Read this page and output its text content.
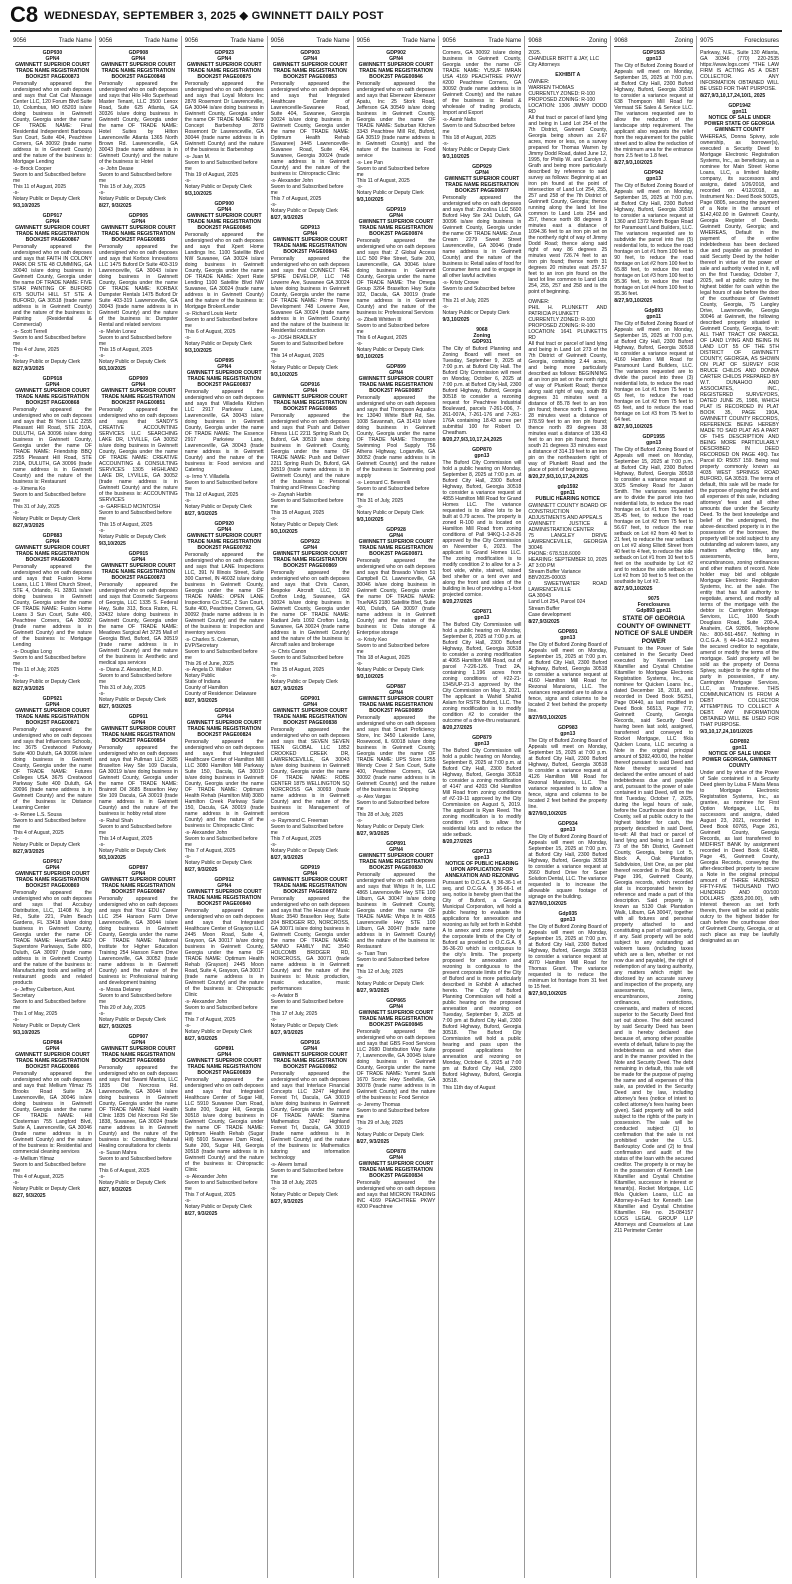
C8 WEDNESDAY, SEPTEMBER 3, 2025 ◆ GWINNETT DAILY POST
9056	Trade Name
GDP930
GPN4
GWINNETT SUPERIOR COURT TRADE NAME REGISTRATION BOOK25T PAGE00873
Personally appeared the undersigned who on oath deposes and says that Cat Cat Massage Center LLC, 120 Forum Blvd Suite 10, Columbus, MO 65203 is/are doing business in Gwinnett County, Georgia under the name OF TRADE NAME: Final Residential Independent Barboura Sun Court, Suite 404, Peachtree Corners, GA 30092 (trade name address is in Gwinnett County) and the nature of the business is: Mortgage Lending
-s- Brock Cooper
Sworn to and Subscribed before me
This 11 of August, 2025
-s-
Notary Public or Deputy Clerk
9/3,10/2025
GDP917
GPN4
GWINNETT SUPERIOR COURT TRADE NAME REGISTRATION BOOK25T PAGE00867
Personally appeared the undersigned who on oath deposes and says that FAITH IN COLONY PARK DR STE 48 CUMMING, GA 30040 is/are doing business in Gwinnett County, Georgia under the name OF TRADE NAME: FIVE STAR PAINTING OF BUFORD 675 SOUTH HILL ST STE A BUFORD, GA 30518 (trade name address is in Gwinnett County) and the nature of the business is: Painting (Residential & Commercial)
-s- Scott Terrell
Sworn to and Subscribed before me
This 4 of June, 2025
-s-
Notary Public or Deputy Clerk
8/27,9/3/2025
GDP918
GPN4
GWINNETT SUPERIOR COURT TRADE NAME REGISTRATION BOOK25T PAGE00868
Personally appeared the undersigned who on oath deposes and says that: Bi Yeon LLC 2255 Pleasant Hill Road, STE 210A, DULUTH, GA 30096 is/are doing business in Gwinnett County, Georgia under the name OF TRADE NAME: Friendship BBQ 2255 Pleasant Hill Road, STE 210A, DULUTH, GA 30096 (trade name address is in Gwinnett County) and the nature of the business is: Restaurant
-s- Ximena Ko
Sworn to and Subscribed before me
This 31 of July, 2025
-s-
Notary Public or Deputy Clerk
8/27,9/3/2025
GDP883
GPN4
GWINNETT SUPERIOR COURT TRADE NAME REGISTRATION BOOK25T PAGE00870
Personally appeared the undersigned who on oath deposes and says that: Fusion Home Loans, LLC 1 West Church Street, STE 4, Orlando, FL 32801 is/are doing business in Gwinnett County, Georgia under the name OF TRADE NAME: Fusion Home Loans 3 Sun Court, Suite 400, Peachtree Corners, GA 30092 (trade name address is in Gwinnett County) and the nature of the business is: Mortgage Lending
-s- Douglas Long
Sworn to and Subscribed before me
This 11 of July, 2025
-s-
Notary Public or Deputy Clerk
8/27,9/3/2025
GDP921
GPN4
GWINNETT SUPERIOR COURT TRADE NAME REGISTRATION BOOK25T PAGE00871
Personally appeared the undersigned who on oath deposes and says that Influencers Schools, Inc 3675 Crestwood Parkway Suite 400 Duluth, GA 30096 is/are doing business in Gwinnett County, Georgia under the name OF TRADE NAME: Futures Colleges USA 3675 Crestwood Parkway Suite 400 Duluth, GA 30096 (trade name address is in Gwinnett County) and the nature of the business is: Distance Learning Center
-s- Renee L.S. Sousa
Sworn to and Subscribed before me
This 4 of August, 2025
-s-
Notary Public or Deputy Clerk
8/27,9/3/2025
GDP917
GPN4
GWINNETT SUPERIOR COURT TRADE NAME REGISTRATION BOOK25T PAGE00869
Personally appeared the undersigned who on oath deposes and says that Accubuy Distribution, LLC, 11408 N. Jog Rd., Suite 221, Palm Beach Gardens, FL 33418 is/are doing business in Gwinnett County, Georgia under the name OF TRADE NAME: HeartSafe AED Superstore Parkways, Suite 800, Duluth, GA 30097 (trade name address is in Gwinnett County) and the nature of the business is: Manufacturing tools and selling of restaurant goods and related products
-s- Jeffrey Culbertson, Asst. Secretary
Sworn to and Subscribed before me
This 1 of May, 2025
-s-
Notary Public or Deputy Clerk
9/3,10/2025
GDP884
GPN4
GWINNETT SUPERIOR COURT TRADE NAME REGISTRATION BOOK25T PAGE00866
Personally appeared the undersigned who on oath deposes and says that: Mellium Yilmaz 75 Brooks Road Suite 2A Lawrenceville, GA 30046 is/are doing business in Gwinnett County, Georgia under the name OF TRADE NAME: Hill Closterman 755 Langford Blvd, Suite A, Lawrenceville, GA 30046 (trade name address is in Gwinnett County) and the nature of the business is: Residential and commercial cleaning services
-s- Mellium Yilmaz
Sworn to and Subscribed before me
This 4 of August, 2025
-s-
Notary Public or Deputy Clerk
8/27, 9/3/2025
9056	Trade Name
GDP908
GPN4
GWINNETT SUPERIOR COURT TRADE NAME REGISTRATION BOOK25T PAGE00848
Personally appeared the undersigned who on oath deposes and says that Hilo Hilo Superhead Master Tenant, LLC 3500 Lenox Road, Suite 625 Atlanta, GA 30326 is/are doing business in Gwinnett County, Georgia under the name OF TRADE NAME: Hotel Suites by Hilton Lawrenceville Atlanta 1365 North Brown Rd. Lawrenceville, GA 30043 (trade name address is in Gwinnett County) and the nature of the business is: Hotel
-s- John Dease
Sworn to and Subscribed before me
This 15 of July, 2025
-s-
Notary Public or Deputy Clerk
8/27, 9/3/2025
GDP905
GPN4
GWINNETT SUPERIOR COURT TRADE NAME REGISTRATION BOOK25T PAGE00855
Personally appeared the undersigned who on oath deposes and says that Korbox Innovations LLC 1475 Buford Dr Suite 403-319 Lawrenceville, GA 30043 is/are doing business in Gwinnett County, Georgia under the name OF TRADE NAME: KORBAX Dumpster Rentals 1475 Buford Dr Suite 403-319 Lawrenceville, GA 30043 (trade name address is in Gwinnett County) and the nature of the business is: Dumpster Rental and related services
-s- Melvin Lonez
Sworn to and Subscribed before me
This 15 of August, 2025
-s-
Notary Public or Deputy Clerk
9/3,10/2025
GDP909
GPN4
GWINNETT SUPERIOR COURT TRADE NAME REGISTRATION BOOK25T PAGE00851
Personally appeared the undersigned who on oath deposes and says that SANDY'S CREATIVE ACCOUNTING SERVICES LLC SEARCHING LAKE DR, LYVILLE, GA 30052 is/are doing business in Gwinnett County, Georgia under the name OF TRADE NAME: CREATIVE ACCOUNTING & CONSULTING SERVICES 1305 HIGHLAND LAKE DR, LYVILLE, GA 30052 (trade name address is in Gwinnett County) and the nature of the business is: ACCOUNTING SERVICES
-s- GARFIELD MCINTOSH
Sworn to and Subscribed before me
This 15 of August, 2025
-s-
Notary Public or Deputy Clerk
9/3,10/2025
GDP915
GPN4
GWINNETT SUPERIOR COURT TRADE NAME REGISTRATION BOOK25T PAGE00873
Personally appeared the undersigned who on oath deposes and says that Cosmetic Surgeons of Georgia, LLC 1335 S. Federal Hwy, Suite 313, Boca Raton, FL 33432 is/are doing business in Gwinnett County, Georgia under the name OF TRADE NAME: Meadows Surgical Art 3725 Mall of Georgia Blvd, Buford, GA 30519 (trade name address is in Gwinnett County) and the nature of the business is: Aesthetic and medical spa services
-s- Diana Z. Alexander, M.D.
Sworn to and Subscribed before me
This 31 of July, 2025
-s-
Notary Public or Deputy Clerk
8/27, 9/3/2025
GDP911
GPN4
GWINNETT SUPERIOR COURT TRADE NAME REGISTRATION BOOK25T PAGE00854
Personally appeared the undersigned who on oath deposes and says that Pullman LLC 3685 Braselton Hwy Ste 109 Dacula, GA 30019 is/are doing business in Gwinnett County, Georgia under the name OF TRADE NAME: Brainrot Oil 3685 Braselton Hwy Ste 109 Dacula, GA 30019 (trade name address is in Gwinnett County) and the nature of the business is: hobby retail store
-s- Rahul Shah
Sworn to and Subscribed before me
This 14 of August, 2025
-s-
Notary Public or Deputy Clerk
9/3,10/2025
GDP897
GPN4
GWINNETT SUPERIOR COURT TRADE NAME REGISTRATION BOOK25T PAGE00867
Personally appeared the undersigned who on oath deposes and says that Your EDU Career LLC 254 Hanson Farm Drive Lawrenceville, GA 30044 is/are doing business in Gwinnett County, Georgia under the name OF TRADE NAME: National Institute for Higher Education Training 254 Hanson Farm Drive Lawrenceville, GA 30052 (trade name address is in Gwinnett County) and the nature of the business is: Professional training and development training
-s- Mossa Delaney
Sworn to and Subscribed before me
This 20 of July, 2025
-s-
Notary Public or Deputy Clerk
8/27, 9/3/2025
GDP907
GPN4
GWINNETT SUPERIOR COURT TRADE NAME REGISTRATION BOOK25T PAGE00850
Personally appeared the undersigned who on oath deposes and says that Swami Mantra, LLC 1835 Old Norcross Rd. Lawrenceville, GA 30044 is/are doing business in Gwinnett County, Georgia under the name OF TRADE NAME: Nabil Health Clinic 1835 Old Norcross Rd Ste 1838, Suwanee, GA 30024 (trade name address is in Gwinnett County) and the nature of the business is: Consulting: Natural Healing consultations for clients
-s- Susan Mahra
Sworn to and Subscribed before me
This 6 of August, 2025
-s-
Notary Public or Deputy Clerk
8/27, 9/3/2025
9056	Trade Name
GDP923
GPN4
GWINNETT SUPERIOR COURT TRADE NAME REGISTRATION BOOK25T PAGE00875
Personally appeared the undersigned who on oath deposes and says that Loyal Motors Inc 2878 Rosemont Dr Lawrenceville, GA 30044 is/are doing business in Gwinnett County, Georgia under the name OF TRADE NAME: New Concept Barbershop 2878 Rosemont Dr Lawrenceville, GA 30044 (trade name address is in Gwinnett County) and the nature of the business is: Barbershop
-s- Juan M.
Sworn to and Subscribed before me
This 19 of August, 2025
-s-
Notary Public or Deputy Clerk
9/3,10/2025
GDP900
GPN4
GWINNETT SUPERIOR COURT TRADE NAME REGISTRATION BOOK25T PAGE00845
Personally appeared the undersigned who on oath deposes and says that Xpert Home Landings Inc. 1100 Satellite Blvd NW Suwanee, GA 30024 is/are doing business in Gwinnett County, Georgia under the name OF TRADE NAME: Xpert Rate Lending 1100 Satellite Blvd NW Suwanee, GA 30024 (trade name address is in Gwinnett County) and the nature of the business is: Mortgage Broker/Lender
-s- Richard Louis Hertz
Sworn to and Subscribed before me
This 6 of August, 2025
-s-
Notary Public or Deputy Clerk
9/3,10/2025
GDP895
GPN4
GWINNETT SUPERIOR COURT TRADE NAME REGISTRATION BOOK25T PAGE00837
Personally appeared the undersigned who on oath deposes and says that Villadella Kitchen LLC 2917 Parkview Lane, Lawrenceville, GA 30043 is/are doing business in Gwinnett County, Georgia under the name OF TRADE NAME: The Essence 2917 Parkview Lane, Lawrenceville, GA 30043 (trade name address is in Gwinnett County) and the nature of the business is: Food services and Catering
-s- Irmo Y. Villadella
Sworn to and Subscribed before me
This 12 of August, 2025
-s-
Notary Public or Deputy Clerk
8/27, 9/3/2025
GDP920
GPN4
GWINNETT SUPERIOR COURT TRADE NAME REGISTRATION BOOK25T PAGE00792
Personally appeared the undersigned who on oath deposes and says that LANE Inspections LLC, 391 N Illinois Street, Suite 300 Carmel, IN 46032 is/are doing business in Gwinnett County, Georgia under the name OF TRADE NAME: OPEN LANE Inspections Co CSC, 2 Sun Court, Suite 400, Peachtree Corners, GA 30092 (trade name address is in Gwinnett County) and the nature of the business is: Inspection and inventory services
-s- Charles S. Coleman, EVP/Secretary
Sworn to and Subscribed before me
This 26 of June, 2025
-s- Angela D. Walker
Notary Public
State of Indiana
County of Hamilton
County of Residence: Delaware
8/27, 9/3/2025
GDP914
GPN4
GWINNETT SUPERIOR COURT TRADE NAME REGISTRATION BOOK25T PAGE00824
Personally appeared the undersigned who on oath deposes and says that Integrated Healthcare Center of Hamilton Mill LLC 3080 Hamilton Mill Parkway Suite 150, Dacula, GA 30019 is/are doing business in Gwinnett County, Georgia under the name OF TRADE NAME: Optimum Health Rehab (Hamilton Mill) 3080 Hamilton Creek Parkway Suite 150, Dacula, GA 30019 (trade name address is in Gwinnett County) and the nature of the business is: Chiropractic Clinic
-s- Alexander John
Sworn to and Subscribed before me
This 7 of August, 2025
-s-
Notary Public or Deputy Clerk
8/27, 9/3/2025
GDP912
GPN4
GWINNETT SUPERIOR COURT TRADE NAME REGISTRATION BOOK25T PAGE00840
Personally appeared the undersigned who on oath deposes and says that Integrated Healthcare Center of Grayson LLC 2445 Moon Road, Suite 4, Grayson, GA 30017 is/are doing business in Gwinnett County, Georgia under the name OF TRADE NAME: Optimum Health Rehab (Grayson) 2445 Moon Road, Suite 4, Grayson, GA 30017 (trade name address is in Gwinnett County) and the nature of the business is: Chiropractic Clinic
-s- Alexander John
Sworn to and Subscribed before me
This 7 of August, 2025
-s-
Notary Public or Deputy Clerk
8/27, 9/3/2025
GDP891
GPN4
GWINNETT SUPERIOR COURT TRADE NAME REGISTRATION BOOK25T PAGE00839
Personally appeared the undersigned who on oath deposes and says that Integrated Healthcare Center of Sugar Hill, LLC 5910 Suwanee Dam Road, Suite 200, Sugar Hill, Georgia 30518 is/are doing business in Gwinnett County, Georgia under the name OF TRADE NAME: Optimum Health Rehab (Sugar Hill) 5910 Suwanee Dam Road, Suite 200, Sugar Hill, Georgia 30518 (trade name address is in Gwinnett County) and the nature of the business is: Chiropractic Clinic
-s- Alexander John
Sworn to and Subscribed before me
This 7 of August, 2025
-s-
Notary Public or Deputy Clerk
8/27, 9/3/2025
9056	Trade Name
GDP903
GPN4
GWINNETT SUPERIOR COURT TRADE NAME REGISTRATION BOOK25T PAGE00853
Personally appeared the undersigned who on oath deposes and says that Integrated Healthcare Center of Lawrenceville-Suwanee Road, Suite 404, Suwanee, Georgia 30024 is/are doing business in Gwinnett County, Georgia under the name OF TRADE NAME: Optimum Health Rehab (Suwanee) 3445 Lawrenceville-Suwanee Road, Suite 404, Suwanee, Georgia 30024 (trade name address is in Gwinnett County) and the nature of the business is: Chiropractic Clinic
-s- Alexander John
Sworn to and Subscribed before me
This 7 of August, 2025
-s-
Notary Public or Deputy Clerk
8/27, 9/3/2025
GDP913
GPN4
GWINNETT SUPERIOR COURT TRADE NAME REGISTRATION BOOK25T PAGE00843
Personally appeared the undersigned who on oath deposes and says that CONNECT THE SPIRE DEVELOP, LLC 748 Lowerre Ave, Suwanee GA 30024 is/are doing business in Gwinnett County, Georgia under the name OF TRADE NAME: Prime Three Development 748 Lowerre Ave, Suwanee GA 30024 (trade name address is in Gwinnett County) and the nature of the business is: Residential construction
-s- JOSH BRADLEY
Sworn to and Subscribed before me
This 14 of August, 2025
-s-
Notary Public or Deputy Clerk
9/3,10/2025
GDP916
GPN4
GWINNETT SUPERIOR COURT TRADE NAME REGISTRATION BOOK25T PAGE00865
Personally appeared the undersigned who on oath deposes and says that Push and Deliver Fitness LLC 2211 Spring Rush Dr, Buford, GA 30519 is/are doing business in Gwinnett County, Georgia under the name OF TRADE NAME: Push and Deliver 2211 Spring Rush Dr, Buford, GA 30519 (trade name address is in Gwinnett County) and the nature of the business is: Personal Training and Fitness Coaching
-s- Zaynah Harbin
Sworn to and Subscribed before me
This 15 of August, 2025
-s-
Notary Public or Deputy Clerk
9/3,10/2025
GDP922
GPN4
GWINNETT SUPERIOR COURT TRADE NAME REGISTRATION BOOK25T PAGE00869
Personally appeared the undersigned who on oath deposes and says that Chris Canon, Bespoke Aircraft LLC, 1092 Crofton Lndg, Suwanee, GA 30024 is/are doing business in Gwinnett County, Georgia under the name OF TRADE NAME: Radiant Jets 1092 Crofton Lndg, Suwanee, GA 30024 (trade name address is in Gwinnett County) and the nature of the business is: Aircraft sales and brokerage
-s- Chris Canon
Sworn to and Subscribed before me
This 15 of August, 2025
-s-
Notary Public or Deputy Clerk
8/27, 9/3/2025
GDP901
GPN4
GWINNETT SUPERIOR COURT TRADE NAME REGISTRATION BOOK25T PAGE00838
Personally appeared the undersigned who on oath deposes and says that SEVEN SEVEN TEEN GLOBAL LLC 1852 CROOKED CREEK DR, LAWRENCEVILLE, GA 30043 is/are doing business in Gwinnett County, Georgia under the name OF TRADE NAME: ROBE CENTER 1875 WELLINGTON SQ NORCROSS GA 30093 (trade name address is in Gwinnett County) and the nature of the business is: Management of services
-s- Raymond C. Freeman
Sworn to and Subscribed before me
This 7 of August, 2025
-s-
Notary Public or Deputy Clerk
8/27, 9/3/2025
GDP919
GPN4
GWINNETT SUPERIOR COURT TRADE NAME REGISTRATION BOOK25T PAGE00872
Personally appeared the undersigned who on oath deposes and says that The House of Music Music 3540 Braselton Hwy, Suite 204 BRIDGER RD, NORCROSS, GA 30071 is/are doing business in Gwinnett County, Georgia under the name OF TRADE NAME: SANNO FAMILY INC 3540 HOLCOMB BRIDGER RD, NORCROSS, GA 30071 (trade name address is in Gwinnett County) and the nature of the business is: Music production, music education, music performances
-s- Aviator B
Sworn to and Subscribed before me
This 17 of July, 2025
-s-
Notary Public or Deputy Clerk
8/27, 9/3/2025
GDP916
GPN4
GWINNETT SUPERIOR COURT TRADE NAME REGISTRATION BOOK25T PAGE00862
Personally appeared the undersigned who on oath deposes and says that Interlace Financial Concepts LLC 3247 Highland Forrest Trl, Dacula, GA 30019 is/are doing business in Gwinnett County, Georgia under the name OF TRADE NAME: Stamina Mathematics 3247 Highland Forrest Trl, Dacula, GA 30019 (trade name address is in Gwinnett County) and the nature of the business is: Mathematics tutoring and information technology
-s- Aleem Ismail
Sworn to and Subscribed before me
This 18 of July, 2025
-s-
Notary Public or Deputy Clerk
8/27, 9/3/2025
9056	Trade Name
GDP902
GPN4
GWINNETT SUPERIOR COURT TRADE NAME REGISTRATION BOOK25T PAGE00846
Personally appeared the undersigned who on oath deposes and says that Ebenezer Ebenezer Apatu, Inc 25 Stork Road, Jefferson GA 30549 is/are doing business in Gwinnett County, Georgia under the name OF TRADE NAME: Suburban Kitchen 3343 Peachtree Mill Rd, Buford, GA 30519 (trade name address is in Gwinnett County) and the nature of the business is: Food service
-s- Lee Pan
Sworn to and Subscribed before me
This 11 of August, 2025
-s-
Notary Public or Deputy Clerk
9/3,10/2025
GDP919
GPN4
GWINNETT SUPERIOR COURT TRADE NAME REGISTRATION BOOK25T PAGE00874
Personally appeared the undersigned who on oath deposes and says that: Z Global Access LLC 500 Pike Street, Suite 200, Lawrenceville, GA 30046 is/are doing business in Gwinnett County, Georgia under the name OF TRADE NAME: The Omega Group 3264 Braselton Hwy Suite 102, Dacula, GA 30019 (trade name address is in Gwinnett County) and the nature of the business is: Professional Services
-s- Zibelli Whitten III
Sworn to and Subscribed before me
This 6 of August, 2025
-s-
Notary Public or Deputy Clerk
9/3,10/2025
GDP899
GPN4
GWINNETT SUPERIOR COURT TRADE NAME REGISTRATION BOOK25T PAGE00857
Personally appeared the undersigned who on oath deposes and says that Thompson Aquatics Inc 13040 White Bluff Rd, Ste. 1008 Savannah, GA 31419 is/are doing business in Gwinnett County, Georgia under the name OF TRADE NAME: Thompson Swimming Pool Supply 756 Athens Highway, Loganville, GA 30052 (trade name address is in Gwinnett County) and the nature of the business is: Swimming pool supply
-s- Leonard C. Beverelli
Sworn to and Subscribed before me
This 31 of July, 2025
-s-
Notary Public or Deputy Clerk
9/3,10/2025
GDP928
GPN4
GWINNETT SUPERIOR COURT TRADE NAME REGISTRATION BOOK25T PAGE00871
Personally appeared the undersigned who on oath deposes and says that Bravado Vision 51 Campbell Ct. Lawrenceville, GA 30046 is/are doing business in Gwinnett County, Georgia under the name OF TRADE NAME: TrueNAS 2180 Satellite Blvd, Suite 400, Duluth, GA 30097 (trade name address is in Gwinnett County) and the nature of the business is: Data storage & Enterprise storage
-s- Kristy Keo
Sworn to and Subscribed before me
This 18 of August, 2025
-s-
Notary Public or Deputy Clerk
9/3,10/2025
GDP887
GPN4
GWINNETT SUPERIOR COURT TRADE NAME REGISTRATION BOOK25T PAGE00859
Personally appeared the undersigned who on oath deposes and says that Smart Proficiency Store, Inc 3450 Lakeside Lane, Rosewood, IL 60018 is/are doing business in Gwinnett County, Georgia under the name OF TRADE NAME: UPS Store 1255 Wendy Cove 2 Sun Court, Suite 400, Peachtree Corners, GA 30092 (trade name address is in Gwinnett County) and the nature of the business is: Shipping
-s- Alex Vargas
Sworn to and Subscribed before me
This 28 of July, 2025
-s-
Notary Public or Deputy Clerk
8/27, 9/3/2025
GDP891
GPN4
GWINNETT SUPERIOR COURT TRADE NAME REGISTRATION BOOK25T PAGE00830
Personally appeared the undersigned who on oath deposes and says that Whips It In, LLC 4865 Lawrenceville Hwy STE 100 Lilburn, GA 30047 is/are doing business in Gwinnett County, Georgia under the name OF TRADE NAME: Whips It In 4865 Lawrenceville Hwy STE 100 Lilburn, GA 30047 (trade name address is in Gwinnett County) and the nature of the business is: Restaurant
-s- Tuan Tran
Sworn to and Subscribed before me
This 12 of July, 2025
-s-
Notary Public or Deputy Clerk
8/27, 9/3/2025
GDP865
GPN4
GWINNETT SUPERIOR COURT TRADE NAME REGISTRATION BOOK25T PAGE00845
Personally appeared the undersigned who on oath deposes and says that GBS Food Services LLC 2680 Distribution Way Suite 7, Lawrenceville, GA 30045 is/are doing business in Gwinnett County, Georgia under the name OF TRADE NAME: Yummi Sushi 1670 Scenic Hwy Snellville, GA 30078 (trade name address is in Gwinnett County) and the nature of the business is: Food Service
-s- Jeremy Thomas
Sworn to and Subscribed before me
This 29 of July, 2025
-s-
Notary Public or Deputy Clerk
8/27, 9/3/2025
GDP878
GPN4
GWINNETT SUPERIOR COURT TRADE NAME REGISTRATION BOOK25T PAGE00834
Personally appeared the undersigned who on oath deposes and says that MICRON TRADING INC 4169 PEACHTREE PKWY #200 Peachtree
9056	Trade Name
Corners, GA 30092 is/are doing business in Gwinnett County, Georgia under the name OF TRADE NAME: YUSUF IMRAN USA 4169 PEACHTREE PKWY #200 Peachtree Corners, GA 30092 (trade name address is in Gwinnett County) and the nature of the business is: Retail & wholesale of trading products, Import and Export
-s- Aamir Nafis
Sworn to and Subscribed before me
This 18 of August, 2025
-s-
Notary Public or Deputy Clerk
9/3,10/2025
GDP929
GPN4
GWINNETT SUPERIOR COURT TRADE NAME REGISTRATION BOOK25T PAGE00877
Personally appeared the undersigned who on oath deposes and says that: Zincolina LLC 5600 Buford Hwy Ste 2A1 Duluth, GA 30096 is/are doing business in Gwinnett County, Georgia under the name OF TRADE NAME: Zeus Cream 2279 Sweet Street Lawrenceville, GA 30046 (trade name address is in Gwinnett County) and the nature of the business is: Retail sales of food for Consumer items and to engage in all other lawful activities
-s- Kristy Crowe
Sworn to and Subscribed before me
This 21 of July, 2025
-s-
Notary Public or Deputy Clerk
9/3,10/2025
9068
Zoning
GDP931
The City of Buford Planning and Zoning Board will meet on Tuesday, September 9, 2025 at 7:00 p.m. at Buford City Hall. The Buford City Commission will meet on Monday, October 6, 2025 at 7:00 p.m. at Buford City Hall, 2300 Buford Highway, Buford, Georgia 30518 to consider a rezoning request for Peachtree Industrial Boulevard, parcels 7-261-006, 7-261-007A, 7-261-176 and 7-261-176A containing 18.43 acres per submittal 100 for Robert D. Cheatham.
8/20,27,9/3,10,17,24,2025
GDP870
gpn13
The Buford City Commission will hold a public hearing on Monday, September 8, 2025 at 7:00 p.m. at Buford City Hall, 2300 Buford Highway, Buford, Georgia 30518 to consider a variance request at 4855 Hamilton Mill Road for Grand Homes LLC. The variance requested is to allow lots to be built at 0.79 acres. The property is zoned R-100 and is located on Hamilton Mill Road from zoning conditions of Pall 94KQ-1-2-8-26 approved by the City Commission on November 6, 2023. The applicant is Grand Homes LLC. The zoning modification is to modify condition 2 to allow for a 3-foot wide, white, stained, raised bed shelter or a tent over and along the front and sides of the building in lieu of providing a 1-foot projected cornice.
8/20,27/2025
GDP871
gpn13
The Buford City Commission will hold a public hearing on Monday, September 8, 2025 at 7:00 p.m. at Buford City Hall, 2300 Buford Highway, Buford, Georgia 30518 to consider a zoning modification at 4065 Hamilton Mill Road, out of parcel 7-226-126. Tract 2A, containing 1.196 acres from zoning conditions of #22-21-1345/UP-21-3 approved by the City Commission on May 3, 2021. The applicant is Wahid Shahid Aslam for RSTR Buford, LLC. The zoning modification is to modify condition #2 to consider the outcome of a drive-thru restaurant.
8/20,27/2025
GDP879
gpn13
The Buford City Commission will hold a public hearing on Monday, September 8, 2025 at 7:00 p.m. at Buford City Hall, 2300 Buford Highway, Buford, Georgia 30518 to consider a zoning modification of 4147 and 4203 Old Hamilton Mill Road from zoning conditions of #Z-19-11 approved by the City Commission on August 5, 2019. The applicant is Ryan Reed. The zoning modification is to modify condition #15 to allow for residential lots and to reduce the side setback.
8/20,27/2025
GDP713
gpn13
NOTICE OF PUBLIC HEARING UPON APPLICATION FOR ANNEXATION AND REZONING
Pursuant to O.C.G.A. § 36-36-1 et seq. and O.C.G.A. § 36-66-1 et seq. notice is hereby given that the City of Buford, a Georgia Municipal Corporation, will hold a public hearing to evaluate the applications for annexation and rezoning as fully set forth in Exhibit A to annex and zone property to the corporate limits of the City of Buford as provided in O.C.G.A. § 36-36-20 which is contiguous to the city's limits. The property proposed for annexation and rezoning is contiguous to the present corporate limits of the City of Buford and is more particularly described in Exhibit A attached hereto. The City of Buford Planning Commission will hold a public hearing on the proposed annexation and rezoning on Tuesday, September 9, 2025 at 7:00 pm at Buford City Hall, 2300 Buford Highway, Buford, Georgia 30518. The Buford City Commission will hold a public hearing and pass upon the proposed applications for annexation and rezoning on Monday, October 6, 2025 at 7:00 pm at Buford City Hall, 2300 Buford Highway, Buford, Georgia 30518.
This 11th day of August
9068	Zoning
2025.
CHANDLER BRITT & JAY, LLC
City Attorneys
EXHIBIT A
OWNER:
WARREN THOMAS
CURRENTLY ZONED: R-100
PROPOSED ZONING: R-100
LOCATION: 1306 JIMMY DODD RD
All that tract or parcel of land lying and being in Land Lot 254 of the 7th District, Gwinnett County, Georgia being shown as 2.67 acres, more or less, on a survey prepared for Thomas Warren by Jimmy Dodd Road, dated June 12, 1995, for Philip W. and Carolyn J. Grath and being more particularly described by reference to said survey as follows: Beginning at an iron pin found at the point of intersection of Land Lot 254, 255, 257 and 258 of the 7th District of Gwinnett County, Georgia; thence running along the land lot line common to Land Lots 254 and 257, thence north 88 degrees 9 minutes east a distance of 1094.36 feet to an iron pin set on the northerly right of way of Jimmy Dodd Road; thence along said right of way 86 degrees 25 minutes west 726.74 feet to an iron pin found; thence north 31 degrees 20 minutes east 257.57 feet to an iron pin found on the land lot line common to Land Lots 254, 255, 257 and 258 and is the point of beginning.
OWNER:
PHIL H. PLUNKETT AND PATRICIA PLUNKETT
CURRENTLY ZONED: R-100
PROPOSED ZONING: R-100
LOCATION: 1641 PLUNKETTS RD
All that tract or parcel of land lying and being in Land Lot 273 of the 7th District of Gwinnett County, Georgia, containing 2.44 acres, and being more particularly described as follows: BEGINNING at an iron pin set on the north right of way of Plunkett Road; thence along said right of way, south 89 degrees 31 minutes west a distance of 85.78 feet to an iron pin found; thence north 1 degrees 28 minutes west a distance of 378.59 feet to an iron pin found; thence north 89 degrees 38 minutes east a distance of 138.43 feet to an iron pin found; thence south 21 degrees 33 minutes east a distance of 314.19 feet to an iron pin on the northeastern right of way of Plunkett Road and the place of point of beginning.
8/20,27,9/3,10,17,24,2025
gdp1592
gpn11
PUBLIC HEARING NOTICE
GWINNETT COUNTY BOARD OF CONSTRUCTION ADJUSTMENTS AND APPEALS
GWINNETT JUSTICE & ADMINISTRATION CENTER
75 LANGLEY DRIVE LAWRENCEVILLE, GEORGIA 30046
PHONE: 678.518.6000
HEARING: SEPTEMBER 10, 2025 AT 3:00 PM
Stream Buffer Variance
BBV2025-00003
0 SWEETWATER ROAD LAWRENCEVILLE
GA 30043
Land Lot 254, Parcel 024
Stream Buffer
Case development
8/27,9/3/2025
GDP891
gpn13
The City of Buford Zoning Board of Appeals will meet on Monday, September 15, 2025 at 7:00 p.m. at Buford City Hall, 2300 Buford Highway, Buford, Georgia 30518 to consider a variance request at 4160 Hamilton Mill Road for Rezonal Mansions, LLC. The variances requested are to allow a fence, signs and columns to be located 2 feet behind the property line.
8/27/9/3,10/2025
GDP983
gpn13
The City of Buford Zoning Board of Appeals will meet on Monday, September 15, 2025 at 7:00 p.m. at Buford City Hall, 2300 Buford Highway, Buford, Georgia 30518 to consider a variance request at 4126 Hamilton Mill Road for Rezonal Mansions, LLC. The variance requested is to allow a fence, signs and columns to be located 2 feet behind the property line.
8/27/9/3,10/2025
GDP934
gpn13
The City of Buford Zoning Board of Appeals will meet on Monday, September 15, 2025 at 7:00 p.m. at Buford City Hall, 2300 Buford Highway, Buford, Georgia 30518 to consider a variance request at 2660 Buford Drive for Super Solution Dental, LLC. The variance requested is to increase the allowable square footage of signage on the building.
8/27/9/3,10/2025
Gdp935
gpn13
The City of Buford Zoning Board of Appeals will meet on Monday, September 15, 2025 at 7:00 p.m. at Buford City Hall, 2300 Buford Highway, Buford, Georgia 30518 to consider a variance request at 4970 Hamilton Mill Road for Thomas Grant. The variance requested is to reduce the minimum lot frontage from 31 feet to 15 feet.
8/27,9/3,10/2025
9068	Zoning
GDP1563
gpn13
The City of Buford Zoning Board of Appeals will meet on Monday, September 15, 2025 at 7:00 p.m. at Buford City Hall, 2300 Buford Highway, Buford, Georgia 30518 to consider a variance request at 638 Thompson Mill Road for Vermaat SE Sales & Service LLC. The variances requested are to allow the reduction of the landscape strip requirement. The applicant also requests the relief from the requirement for the public street and to allow the reduction of the minimum area for the entrance from 2.5 feet to 1.8 feet.
8/27,9/3,10/2025
GDP942
gpn13
The City of Buford Zoning Board of Appeals will meet on Monday, September 15, 2025 at 7:00 p.m. at Buford City Hall, 2300 Buford Highway, Buford, Georgia 30518 to consider a variance request at 1360 and 1372 North Bogan Road for Paramount Land Builders, LLC. The variances requested are to subdivide the parcel into five (5) residential lots, to reduce the road frontage on Lot #1 from 100 feet to 90 feet, to reduce the road frontage on Lot #2 from 100 feet to 65.88 feet, to reduce the road frontage on Lot #3 from 100 feet to 95.36 feet, to reduce the road frontage on Lot #4 from 100 feet to 95.36 feet.
8/27,9/3,10/2025
Gdp893
gpn11
The City of Buford Zoning Board of Appeals will meet on Monday, September 15, 2025 at 7:00 p.m. at Buford City Hall, 2300 Buford Highway, Buford, Georgia 30518 to consider a variance request at 4160 Hamilton Mill Road for Paramount Land Builders, LLC. The variances requested are to divide the parcel into three (3) residential lots, to reduce the road frontage on Lot #1 from 75 feet to 65 feet, to reduce the road frontage on Lot #2 from 75 feet to 65 feet, and to reduce the road frontage on Lot #3 from 75 feet to 64 feet.
8/27,9/3,10/2025
GDP1955
gpn13
The City of Buford Zoning Board of Appeals will meet on Monday, September 15, 2025 at 7:00 p.m. at Buford City Hall, 2300 Buford Highway, Buford, Georgia 30518 to consider a variance request at 3025 Smokey Road for Jason Smith. The variances requested are to divide the parcel into two residential lots, to reduce the road frontage on Lot #1 from 75 feet to 35.45 feet, to reduce the road frontage on Lot #2 from 75 feet to 56.67 feet, to reduce the rear setback on Lot #2 from 40 feet to 21 feet, to reduce the rear setback on Lot #2 along Elliott Street from 40 feet to 4 feet, to reduce the side setback on Lot #1 from 10 feet to 5 feet on the southside by Lot #2 and to reduce the side setback on Lot #2 from 10 feet to 5 feet on the southside by Lot #2.
8/27,9/3,10/2025
9075
Foreclosures
Gdp893 gpn11
STATE OF GEORGIA COUNTY OF GWINNETT NOTICE OF SALE UNDER POWER
Pursuant to the Power of Sale contained in the Security Deed executed by Kenneth Lee Kitamiller and Crystal Christine Kitamiller to Mortgage Electronic Registration Systems, Inc., as nominee for Quicken Loans Inc., dated December 18, 2018, and recorded in Deed Book 56251, Page 00440, as last modified in Deed Book 56513, Page 772, Gwinnett County, Georgia Records, said Security Deed having been last sold, assigned, transferred and conveyed to Rocket Mortgage, LLC f/k/a Quicken Loans, LLC securing a Note in the original principal amount of $392,400.00, the holder thereof pursuant to said Deed and Note thereby secured has declared the entire amount of said indebtedness due and payable and, pursuant to the power of sale contained in said Deed, will on the first Tuesday, October 7, 2025, during the legal hours of sale, before the Courthouse door in said County, sell at public outcry to the highest bidder for cash, the property described in said Deed, to-wit: All that tract or parcel of land lying and being in Land Lot 73 of the 5th District, Gwinnett County, Georgia, being Lot 5, Block A, Oak Plantation Subdivision, Unit One, as per plat thereof recorded in Plat Book 96, Page 196, Gwinnett County, Georgia records, which recorded plat is incorporated herein by reference and made a part of this description. Said property is known as 5130 Oak Plantation Walk, Lilburn, GA 30047, together with all fixtures and personal property attached to and constituting a part of said property, if any. Said property will be sold subject to any outstanding ad valorem taxes (including taxes which are a lien, whether or not now due and payable), the right of redemption of any taxing authority, any matters which might be disclosed by an accurate survey and inspection of the property, any assessments, liens, encumbrances, zoning ordinances, restrictions, covenants, and matters of record superior to the Security Deed first set out above. The debt secured by said Security Deed has been and is hereby declared due because of, among other possible events of default, failure to pay the indebtedness as and when due and in the manner provided in the Note and Security Deed. The debt remaining in default, this sale will be made for the purpose of paying the same and all expenses of this sale, as provided in the Security Deed and by law, including attorney's fees (notice of intent to collect attorney's fees having been given). Said property will be sold subject to the rights of the party in possession. The sale will be conducted subject (1) to confirmation that the sale is not prohibited under the U.S. Bankruptcy Code and (2) to final confirmation and audit of the status of the loan with the secured creditor. The property is or may be in the possession of Kenneth Lee Kitamiller and Crystal Christine Kitamiller, successor in interest or tenant(s). Rocket Mortgage, LLC f/k/a Quicken Loans, LLC as Attorney-in-Fact for Kenneth Lee Kitamiller and Crystal Christine Kitamiller. File no. 25-084157 LOGS LEGAL GROUP LLP Attorneys and Counselors at Law 211 Perimeter Center
9075	Foreclosures
Parkway, N.E., Suite 130 Atlanta, GA 30346 (770) 220-2535 https://www.logs.com/ *THE LAW FIRM IS ACTING AS A DEBT COLLECTOR. ANY INFORMATION OBTAINED WILL BE USED FOR THAT PURPOSE.
8/27,9/3,10,17,24,10/1, 2025
GDP1942
gpn11
NOTICE OF SALE UNDER POWER STATE OF GEORGIA GWINNETT COUNTY
WHEREAS, Donna Spivey, sole ownership, as borrower(s), executed a Security Deed to Mortgage Electronic Registration Systems, Inc., as beneficiary, as a nominee for Main Street Home Loans, LLC, a limited liability company, its successors and assigns, dated 1/26/2018, and recorded on 4/12/2018, as Instrument No.: Deed Book 50025, Page 0805, securing the payment of a Note in the amount of $142,402.00 in Gwinnett County, Georgia Register of Deeds, Gwinnett County, Georgia; and WHEREAS, Default in the payment of the entire indebtedness has been declared due and payable as provided in said Security Deed by the holder thereof in virtue of the power of sale and authority vested in it, will on the first Tuesday, October 7, 2025, sell at public outcry to the highest bidder for cash within the legal hours of sale before the door of the courthouse of Gwinnett County, Georgia, 75 Langley Drive, Lawrenceville, Georgia 30046 at Gwinnett, the following described property situated in Gwinnett County, Georgia, to-wit: ALL THAT TRACT OR PARCEL OF LAND LYING AND BEING IN LAND LOT 55 OF THE 5TH DISTRICT OF GWINNETT COUNTY, GEORGIA, AS SHOWN ON PLAT OF SURVEY FOR BRUCE CHILDS AND DONNA CARTER CHILDS PREPARED BY W.T. DUNAHOO AND ASSOCIATES, INC., REGISTERED SURVEYORS, DATED JUNE 25, 1986, WHICH PLAT IS RECORDED IN PLAT BOOK 35, PAGE 190A, GWINNETT COUNTY RECORDS, REFERENCE BEING HEREBY MADE TO SAID PLAT AS A PART OF THIS DESCRIPTION AND BEING MORE PARTICULARLY DESCRIBED IN DEED RECORDED ON PAGE 49Q. Tax Parcel ID: R5057 159. Being real property commonly known as 4035 WEST SPRINGS ROAD BUFORD, GA 30519. The terms of default, this sale will be made for the purpose of paying the debt and all expenses of this sale, including attorneys' fees and all other amounts due under the Security Deed. To the best knowledge and belief of the undersigned, the above-described property is in the possession of the borrower, the property will be sold subject to any outstanding ad valorem taxes, any matters affecting title, any assessments, liens, encumbrances, zoning ordinances and other matters of record. Note holder may bid and obligate Mortgage Electronic Registration Systems, Inc. at the sale. The entity that has full authority to negotiate, amend, and modify all terms of the mortgage with the debtor is: Carrington Mortgage Services, LLC, 1600 South Douglass Road, Suite 200-A, Anaheim, CA 92806, Telephone No.: 800-561-4567. Nothing in O.C.G.A. § 44-14-162.2 requires the secured creditor to negotiate, amend or modify the terms of the mortgage. Said property will be sold as the property of Donna Spivey, subject to the rights of the party in possession, if any. Carrington Mortgage Services, LLC, as Transferee. THIS COMMUNICATION IS FROM A DEBT COLLECTOR ATTEMPTING TO COLLECT A DEBT. ANY INFORMATION OBTAINED WILL BE USED FOR THAT PURPOSE.
9/3,10,17,24,10/1/2025
GDP892
gpn11
NOTICE OF SALE UNDER POWER GEORGIA, GWINNETT COUNTY
Under and by virtue of the Power of Sale contained in a Security Deed given by Luisa F Maira Mesa to Mortgage Electronic Registration Systems, Inc., as grantee, as nominee for First Option Mortgage, LLC, its successors and assigns, dated August 23, 2021, recorded in Deed Book 60765, Page 261, Gwinnett County, Georgia Records, as last transferred to MIDFIRST BANK by assignment recorded in Deed Book 61488, Page 45, Gwinnett County, Georgia Records, conveying the after-described property to secure a Note in the original principal amount of THREE HUNDRED FIFTY-FIVE THOUSAND TWO HUNDRED AND 00/100 DOLLARS ($355,200.00), with interest thereon as set forth therein, there will be sold at public outcry to the highest bidder for cash before the courthouse door of Gwinnett County, Georgia, or at such place as may be lawfully designated as an
